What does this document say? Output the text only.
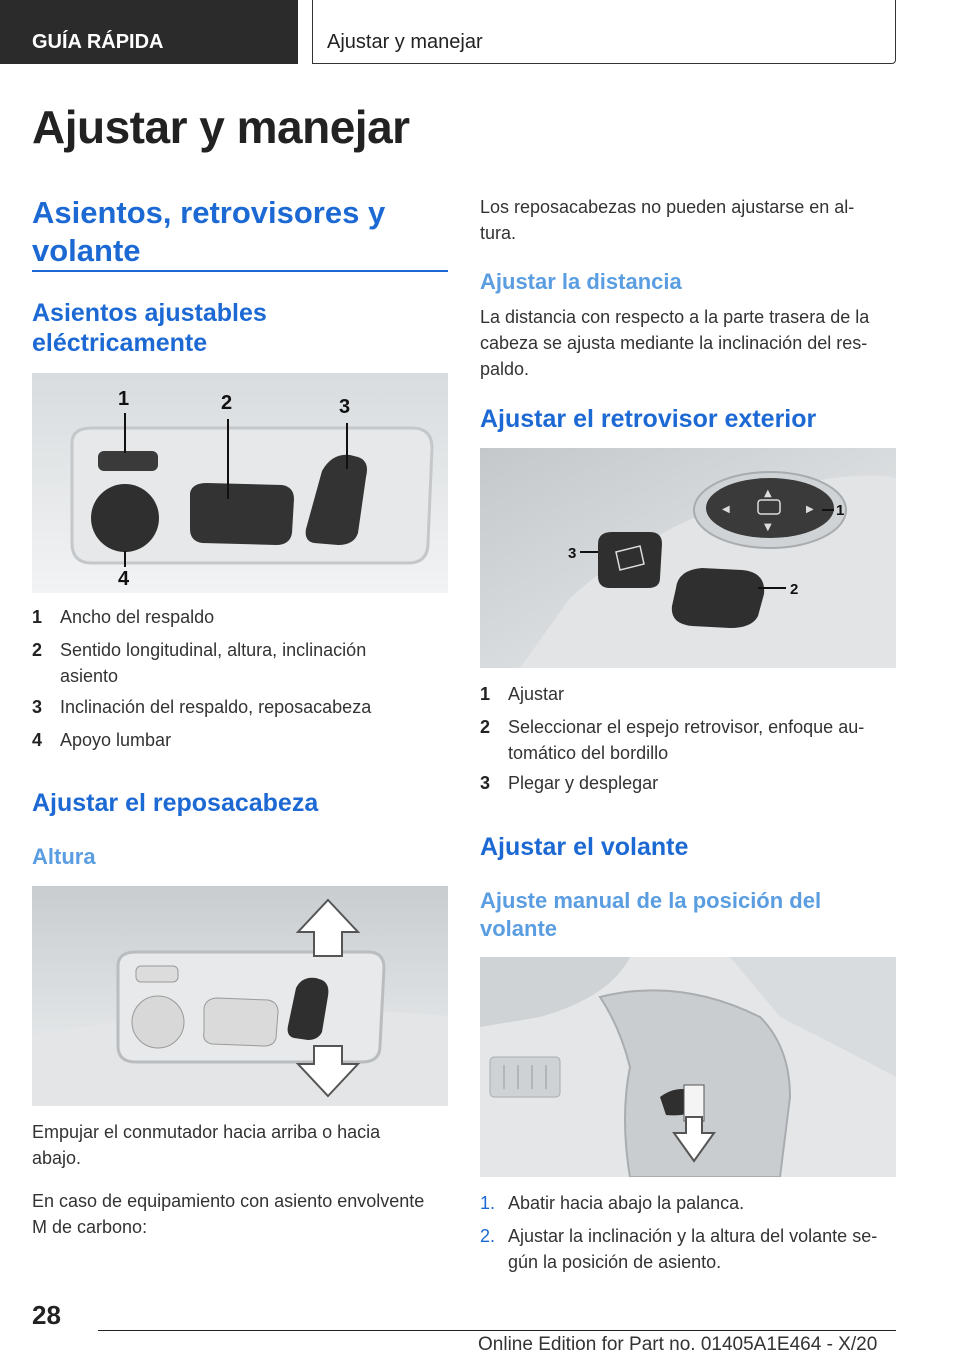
GUÍA RÁPIDA	Ajustar y manejar
Ajustar y manejar
Asientos, retrovisores y
volante
Asientos ajustables
eléctricamente
1	2	3
4
1 Ancho del respaldo
2 Sentido longitudinal, altura, inclinación
asiento
3 Inclinación del respaldo, reposacabeza
4 Apoyo lumbar
Ajustar el reposacabeza
Altura
Empujar el conmutador hacia arriba o hacia
abajo.
En caso de equipamiento con asiento envolvente
M de carbono:
Los reposacabezas no pueden ajustarse en al-
tura.
Ajustar la distancia
La distancia con respecto a la parte trasera de la
cabeza se ajusta mediante la inclinación del res-
paldo.
Ajustar el retrovisor exterior
▲
▼
◀	▶ 1
2
3
1 Ajustar
2 Seleccionar el espejo retrovisor, enfoque au-
tomático del bordillo
3 Plegar y desplegar
Ajustar el volante
Ajuste manual de la posición del
volante
1. Abatir hacia abajo la palanca.
2. Ajustar la inclinación y la altura del volante se-
gún la posición de asiento.
28
Online Edition for Part no. 01405A1E464 - X/20
